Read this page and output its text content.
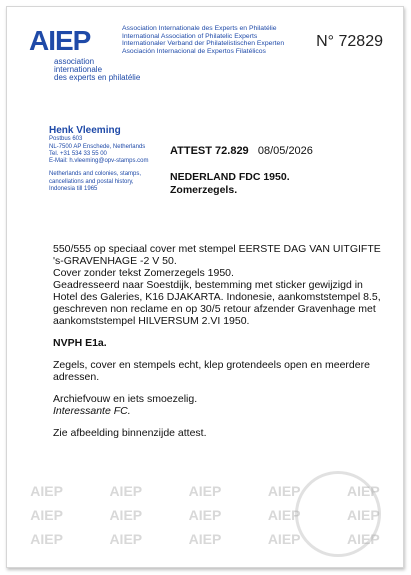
AIEP
association
internationale
des experts en philatélie
Association Internationale des Experts en Philatélie
International Association of Philatelic Experts
Internationaler Verband der Philatelistischen Experten
Asociación Internacional de Expertos Filatélicos
N° 72829
Henk Vleeming
Postbus 603
NL-7500 AP Enschede, Netherlands
Tel. +31 534 33 55 00
E-Mail: h.vleeming@opv-stamps.com
Netherlands and colonies, stamps,
cancellations and postal history,
Indonesia till 1965
ATTEST 72.829 08/05/2026
NEDERLAND FDC 1950.
Zomerzegels.

550/555 op speciaal cover met stempel EERSTE DAG VAN UITGIFTE 's-GRAVENHAGE -2 V 50.

Cover zonder tekst Zomerzegels 1950.

Geadresseerd naar Soestdijk, bestemming met sticker gewijzigd in Hotel des Galeries, K16 DJAKARTA. Indonesie, aankomststempel 8.5, geschreven non reclame en op 30/5 retour afzender Gravenhage met aankomststempel HILVERSUM 2.VI 1950.

NVPH E1a.

Zegels, cover en stempels echt, klep grotendeels open en meerdere adressen.

Archiefvouw en iets smoezelig.

Interessante FC.

Zie afbeelding binnenzijde attest.

AIEP	AIEP	AIEP	AIEP	AIEP
AIEP	AIEP	AIEP	AIEP	AIEP
AIEP	AIEP	AIEP	AIEP	AIEP
